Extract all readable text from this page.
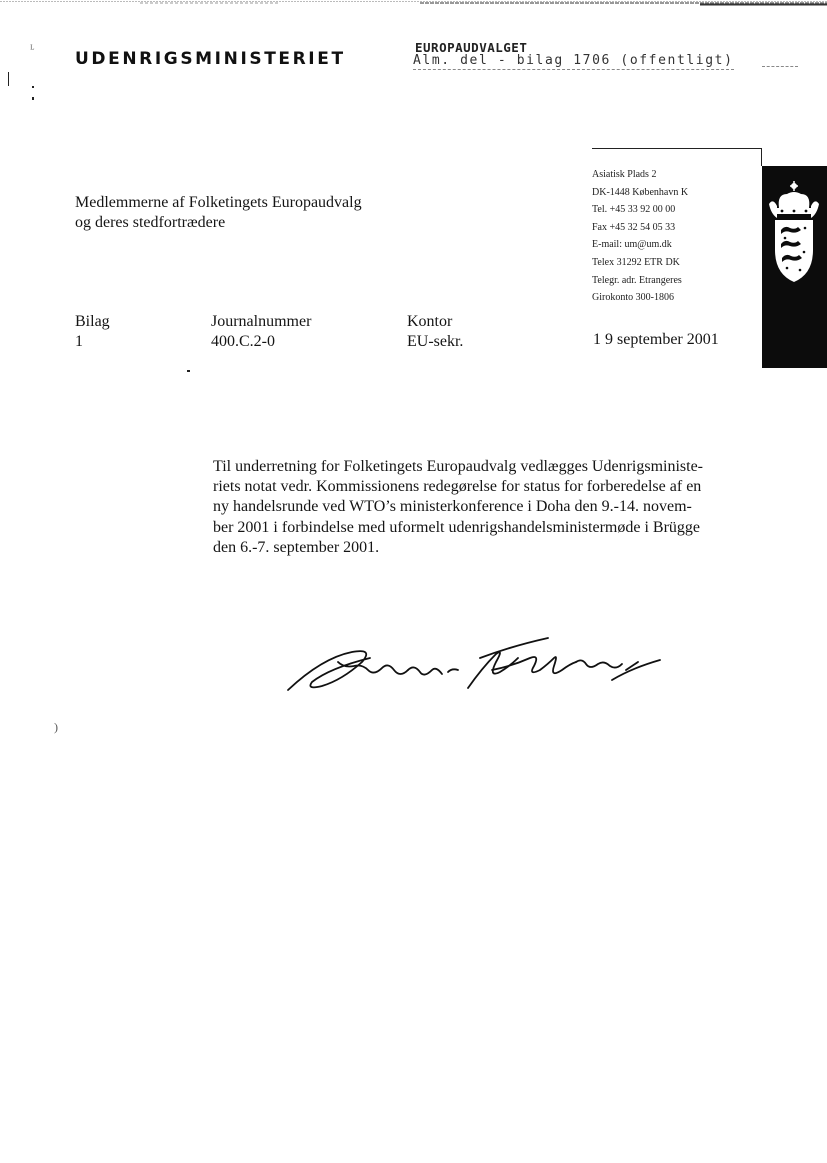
ᴸ
)
UDENRIGSMINISTERIET
EUROPAUDVALGET
Alm. del - bilag 1706 (offentligt)
Medlemmerne af Folketingets Europaudvalg
og deres stedfortrædere
Asiatisk Plads 2
DK-1448 København K
Tel. +45 33 92 00 00
Fax +45 32 54 05 33
E-mail: um@um.dk
Telex 31292 ETR DK
Telegr. adr. Etrangeres
Girokonto 300-1806
Bilag
1
Journalnummer
400.C.2-0
Kontor
EU-sekr.	1 9 september 2001
Til underretning for Folketingets Europaudvalg vedlægges Udenrigsministe-
riets notat vedr. Kommissionens redegørelse for status for forberedelse af en
ny handelsrunde ved WTO’s ministerkonference i Doha den 9.-14. novem-
ber 2001 i forbindelse med uformelt udenrigshandelsministermøde i Brügge
den 6.-7. september 2001.
